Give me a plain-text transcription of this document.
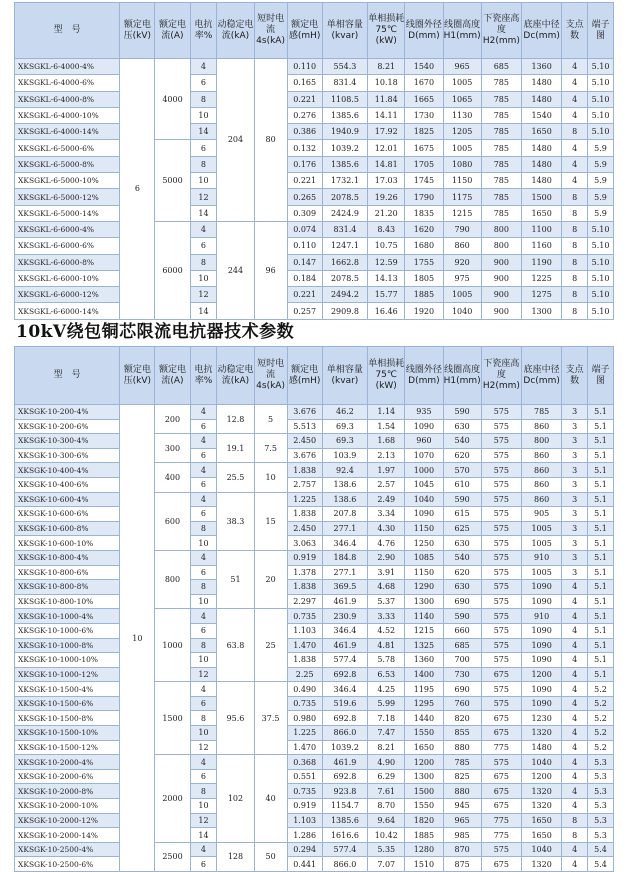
型　号	额定电压(kV)	额定电流(A)	电抗率%	动稳定电流(kA)	短时电流4s(kA)	额定电感(mH)	单相容量(kvar)	单相损耗75℃(kW)	线圈外径D(mm)	线圈高度H1(mm)	下瓷座高度H2(mm)	底座中径Dc(mm)	支点数	端子图
XKSGKL-6-4000-4%	6	4000	4	204	80	0.110	554.3	8.21	1540	965	685	1360	4	5.10
XKSGKL-6-4000-6%			6			0.165	831.4	10.18	1670	1005	785	1480	4	5.10
XKSGKL-6-4000-8%			8			0.221	1108.5	11.84	1665	1065	785	1480	4	5.10
XKSGKL-6-4000-10%			10			0.276	1385.6	14.11	1730	1130	785	1540	4	5.10
XKSGKL-6-4000-14%			14			0.386	1940.9	17.92	1825	1205	785	1650	8	5.10
XKSGKL-6-5000-6%		5000	6			0.132	1039.2	12.01	1675	1005	785	1480	4	5.9
XKSGKL-6-5000-8%			8			0.176	1385.6	14.81	1705	1080	785	1480	4	5.9
XKSGKL-6-5000-10%			10			0.221	1732.1	17.03	1745	1150	785	1480	4	5.9
XKSGKL-6-5000-12%			12			0.265	2078.5	19.26	1790	1175	785	1500	8	5.9
XKSGKL-6-5000-14%			14			0.309	2424.9	21.20	1835	1215	785	1650	8	5.9
XKSGKL-6-6000-4%		6000	4	244	96	0.074	831.4	8.43	1620	790	800	1100	8	5.10
XKSGKL-6-6000-6%			6			0.110	1247.1	10.75	1680	860	800	1160	8	5.10
XKSGKL-6-6000-8%			8			0.147	1662.8	12.59	1755	920	900	1190	8	5.10
XKSGKL-6-6000-10%			10			0.184	2078.5	14.13	1805	975	900	1225	8	5.10
XKSGKL-6-6000-12%			12			0.221	2494.2	15.77	1885	1005	900	1275	8	5.10
XKSGKL-6-6000-14%			14			0.257	2909.8	16.46	1920	1040	900	1300	8	5.10
10kV绕包铜芯限流电抗器技术参数
型　号	额定电压(kV)	额定电流(A)	电抗率%	动稳定电流(kA)	短时电流4s(kA)	额定电感(mH)	单相容量(kvar)	单相损耗75℃(kW)	线圈外径D(mm)	线圈高度H1(mm)	下瓷座高度H2(mm)	底座中径Dc(mm)	支点数	端子图
XKSGK-10-200-4%	10	200	4	12.8	5	3.676	46.2	1.14	935	590	575	785	3	5.1
XKSGK-10-200-6%			6			5.513	69.3	1.54	1090	630	575	860	3	5.1
XKSGK-10-300-4%		300	4	19.1	7.5	2.450	69.3	1.68	960	540	575	800	3	5.1
XKSGK-10-300-6%			6			3.676	103.9	2.13	1070	620	575	860	3	5.1
XKSGK-10-400-4%		400	4	25.5	10	1.838	92.4	1.97	1000	570	575	860	3	5.1
XKSGK-10-400-6%			6			2.757	138.6	2.57	1045	610	575	860	3	5.1
XKSGK-10-600-4%		600	4	38.3	15	1.225	138.6	2.49	1040	590	575	860	3	5.1
XKSGK-10-600-6%			6			1.838	207.8	3.34	1090	615	575	905	3	5.1
XKSGK-10-600-8%			8			2.450	277.1	4.30	1150	625	575	1005	3	5.1
XKSGK-10-600-10%			10			3.063	346.4	4.76	1250	630	575	1005	3	5.1
XKSGK-10-800-4%		800	4	51	20	0.919	184.8	2.90	1085	540	575	910	3	5.1
XKSGK-10-800-6%			6			1.378	277.1	3.91	1150	620	575	1005	3	5.1
XKSGK-10-800-8%			8			1.838	369.5	4.68	1290	630	575	1090	4	5.1
XKSGK-10-800-10%			10			2.297	461.9	5.37	1300	690	575	1090	4	5.1
XKSGK-10-1000-4%		1000	4	63.8	25	0.735	230.9	3.33	1140	590	575	910	4	5.1
XKSGK-10-1000-6%			6			1.103	346.4	4.52	1215	660	575	1090	4	5.1
XKSGK-10-1000-8%			8			1.470	461.9	4.81	1325	685	575	1090	4	5.1
XKSGK-10-1000-10%			10			1.838	577.4	5.78	1360	700	575	1090	4	5.1
XKSGK-10-1000-12%			12			2.25	692.8	6.53	1400	730	675	1200	4	5.1
XKSGK-10-1500-4%		1500	4	95.6	37.5	0.490	346.4	4.25	1195	690	575	1090	4	5.2
XKSGK-10-1500-6%			6			0.735	519.6	5.99	1295	760	575	1090	4	5.2
XKSGK-10-1500-8%			8			0.980	692.8	7.18	1440	820	675	1230	4	5.2
XKSGK-10-1500-10%			10			1.225	866.0	7.47	1550	855	675	1320	4	5.2
XKSGK-10-1500-12%			12			1.470	1039.2	8.21	1650	880	775	1480	4	5.2
XKSGK-10-2000-4%		2000	4	102	40	0.368	461.9	4.90	1200	785	575	1040	4	5.3
XKSGK-10-2000-6%			6			0.551	692.8	6.29	1300	825	675	1200	4	5.3
XKSGK-10-2000-8%			8			0.735	923.8	7.61	1500	880	675	1320	4	5.3
XKSGK-10-2000-10%			10			0.919	1154.7	8.70	1550	945	675	1320	4	5.3
XKSGK-10-2000-12%			12			1.103	1385.6	9.64	1820	965	775	1650	8	5.3
XKSGK-10-2000-14%			14			1.286	1616.6	10.42	1885	985	775	1650	8	5.3
XKSGK-10-2500-4%		2500	4	128	50	0.294	577.4	5.35	1280	870	575	1040	4	5.4
XKSGK-10-2500-6%			6			0.441	866.0	7.07	1510	875	675	1320	4	5.4
